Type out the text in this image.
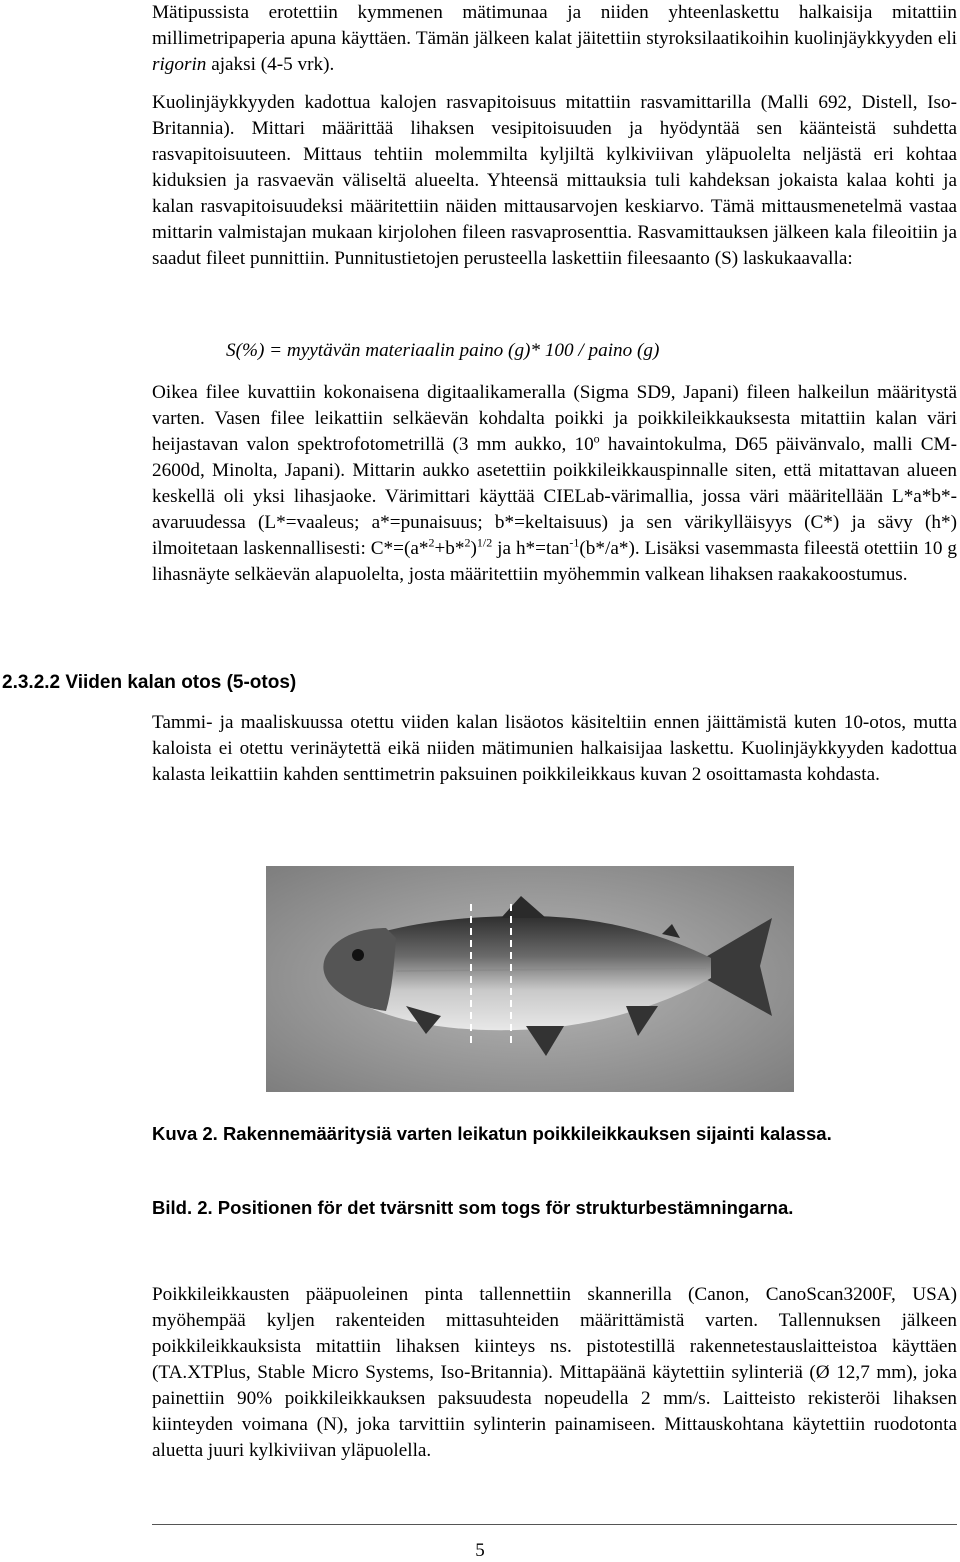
Mätipussista erotettiin kymmenen mätimunaa ja niiden yhteenlaskettu halkaisija mitattiin millimetripaperia apuna käyttäen. Tämän jälkeen kalat jäitettiin styroksilaatikoihin kuolinjäykkyyden eli rigorin ajaksi (4-5 vrk).

Kuolinjäykkyyden kadottua kalojen rasvapitoisuus mitattiin rasvamittarilla (Malli 692, Distell, Iso-Britannia). Mittari määrittää lihaksen vesipitoisuuden ja hyödyntää sen käänteistä suhdetta rasvapitoisuuteen. Mittaus tehtiin molemmilta kyljiltä kylkiviivan yläpuolelta neljästä eri kohtaa kiduksien ja rasvaevän väliseltä alueelta. Yhteensä mittauksia tuli kahdeksan jokaista kalaa kohti ja kalan rasvapitoisuudeksi määritettiin näiden mittausarvojen keskiarvo. Tämä mittausmenetelmä vastaa mittarin valmistajan mukaan kirjolohen fileen rasvaprosenttia. Rasvamittauksen jälkeen kala fileoitiin ja saadut fileet punnittiin. Punnitustietojen perusteella laskettiin fileesaanto (S) laskukaavalla:

S(%) = myytävän materiaalin paino (g)* 100 / paino (g)

Oikea filee kuvattiin kokonaisena digitaalikameralla (Sigma SD9, Japani) fileen halkeilun määritystä varten. Vasen filee leikattiin selkäevän kohdalta poikki ja poikkileikkauksesta mitattiin kalan väri heijastavan valon spektrofotometrillä (3 mm aukko, 10$^o$ havaintokulma, D65 päivänvalo, malli CM-2600d, Minolta, Japani). Mittarin aukko asetettiin poikkileikkauspinnalle siten, että mitattavan alueen keskellä oli yksi lihasjaoke. Värimittari käyttää CIELab-värimallia, jossa väri määritellään L*a*b*-avaruudessa (L*=vaaleus; a*=punaisuus; b*=keltaisuus) ja sen värikylläisyys (C*) ja sävy (h*) ilmoitetaan laskennallisesti: $C*=(a*^2+b*^2)^{1/2}$ ja $h*=\tan^{-1}(b*/a*)$. Lisäksi vasemmasta fileestä otettiin 10 g lihasnäyte selkäevän alapuolelta, josta määritettiin myöhemmin valkean lihaksen raakakoostumus.

2.3.2.2 Viiden kalan otos (5-otos)

Tammi- ja maaliskuussa otettu viiden kalan lisäotos käsiteltiin ennen jäittämistä kuten 10-otos, mutta kaloista ei otettu verinäytettä eikä niiden mätimunien halkaisijaa laskettu. Kuolinjäykkyyden kadottua kalasta leikattiin kahden senttimetrin paksuinen poikkileikkaus kuvan 2 osoittamasta kohdasta.

Kuva 2. Rakennemääritysiä varten leikatun poikkileikkauksen sijainti kalassa.

Bild. 2. Positionen för det tvärsnitt som togs för strukturbestämningarna.

Poikkileikkausten pääpuoleinen pinta tallennettiin skannerilla (Canon, CanoScan3200F, USA) myöhempää kyljen rakenteiden mittasuhteiden määrittämistä varten. Tallennuksen jälkeen poikkileikkauksista mitattiin lihaksen kiinteys ns. pistotestillä rakennetestauslaitteistoa käyttäen (TA.XTPlus, Stable Micro Systems, Iso-Britannia). Mittapäänä käytettiin sylinteriä (Ø 12,7 mm), joka painettiin 90% poikkileikkauksen paksuudesta nopeudella 2 mm/s. Laitteisto rekisteröi lihaksen kiinteyden voimana (N), joka tarvittiin sylinterin painamiseen. Mittauskohtana käytettiin ruodotonta aluetta juuri kylkiviivan yläpuolella.

5
